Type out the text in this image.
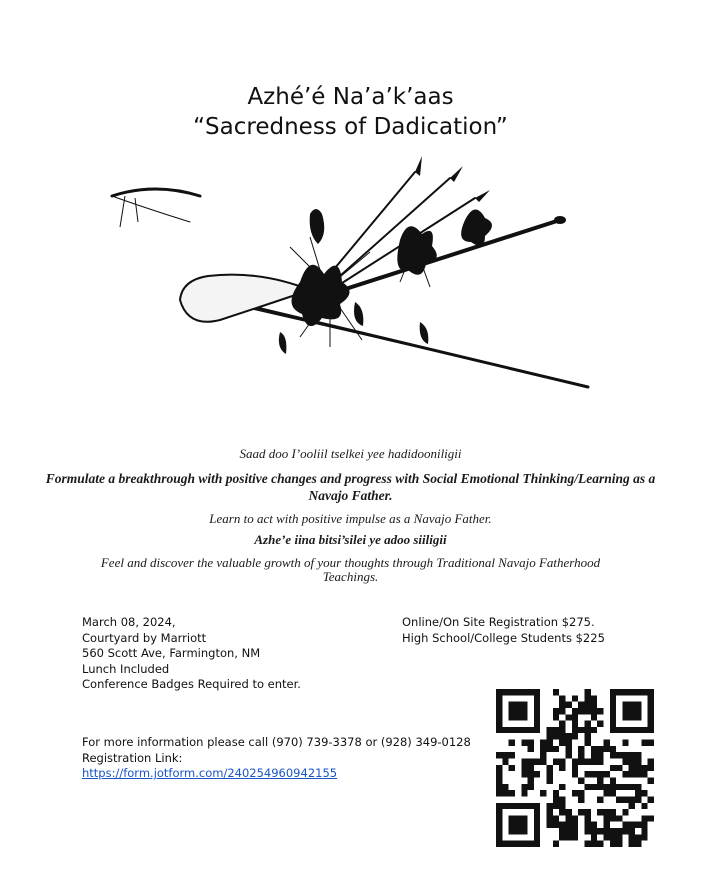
Azhé’é Na’a’k’aas
“Sacredness of Dadication”
Saad doo I’ooliil tselkei yee hadidooniligii
Formulate a breakthrough with positive changes and progress with Social Emotional Thinking/Learning as a Navajo Father.
Learn to act with positive impulse as a Navajo Father.
Azhe’e iina bitsi’silei ye adoo siiligii
Feel and discover the valuable growth of your thoughts through Traditional Navajo Fatherhood Teachings.
March 08, 2024,
Courtyard by Marriott
560 Scott Ave, Farmington, NM
Lunch Included
Conference Badges Required to enter.
Online/On Site Registration $275.
High School/College Students $225
For more information please call (970) 739-3378 or (928) 349-0128
Registration Link:
https://form.jotform.com/240254960942155
